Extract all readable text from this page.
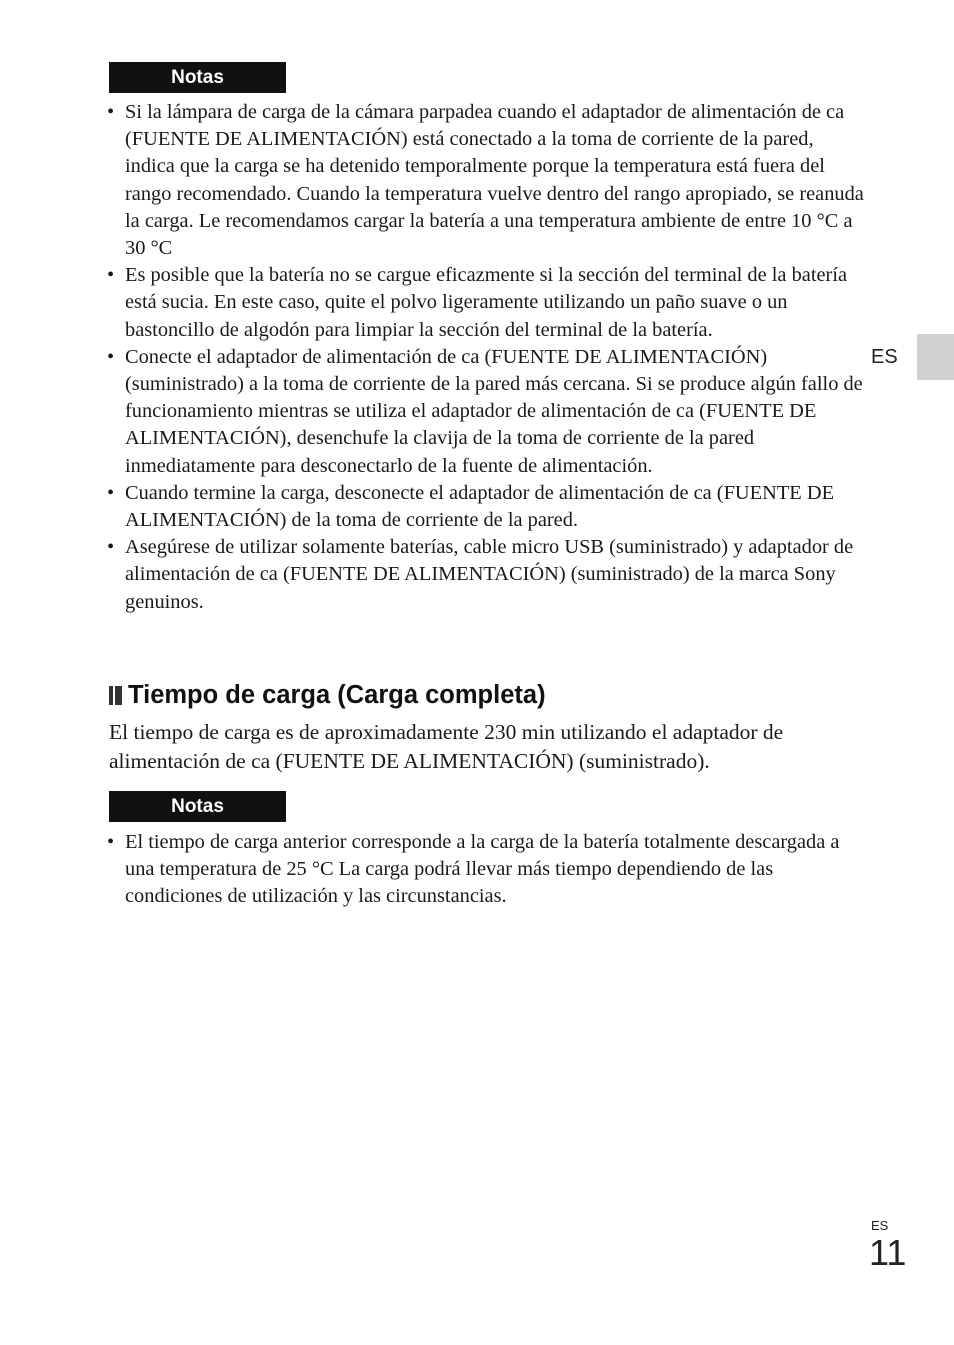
Notas
• Si la lámpara de carga de la cámara parpadea cuando el adaptador de alimentación de ca (FUENTE DE ALIMENTACIÓN) está conectado a la toma de corriente de la pared, indica que la carga se ha detenido temporalmente porque la temperatura está fuera del rango recomendado. Cuando la temperatura vuelve dentro del rango apropiado, se reanuda la carga. Le recomendamos cargar la batería a una temperatura ambiente de entre 10 °C a 30 °C
• Es posible que la batería no se cargue eficazmente si la sección del terminal de la batería está sucia. En este caso, quite el polvo ligeramente utilizando un paño suave o un bastoncillo de algodón para limpiar la sección del terminal de la batería.
• Conecte el adaptador de alimentación de ca (FUENTE DE ALIMENTACIÓN) (suministrado) a la toma de corriente de la pared más cercana. Si se produce algún fallo de funcionamiento mientras se utiliza el adaptador de alimentación de ca (FUENTE DE ALIMENTACIÓN), desenchufe la clavija de la toma de corriente de la pared inmediatamente para desconectarlo de la fuente de alimentación.
• Cuando termine la carga, desconecte el adaptador de alimentación de ca (FUENTE DE ALIMENTACIÓN) de la toma de corriente de la pared.
• Asegúrese de utilizar solamente baterías, cable micro USB (suministrado) y adaptador de alimentación de ca (FUENTE DE ALIMENTACIÓN) (suministrado) de la marca Sony genuinos.
Tiempo de carga (Carga completa)

El tiempo de carga es de aproximadamente 230 min utilizando el adaptador de alimentación de ca (FUENTE DE ALIMENTACIÓN) (suministrado).

Notas
• El tiempo de carga anterior corresponde a la carga de la batería totalmente descargada a una temperatura de 25 °C La carga podrá llevar más tiempo dependiendo de las condiciones de utilización y las circunstancias.
ES
ES
11
